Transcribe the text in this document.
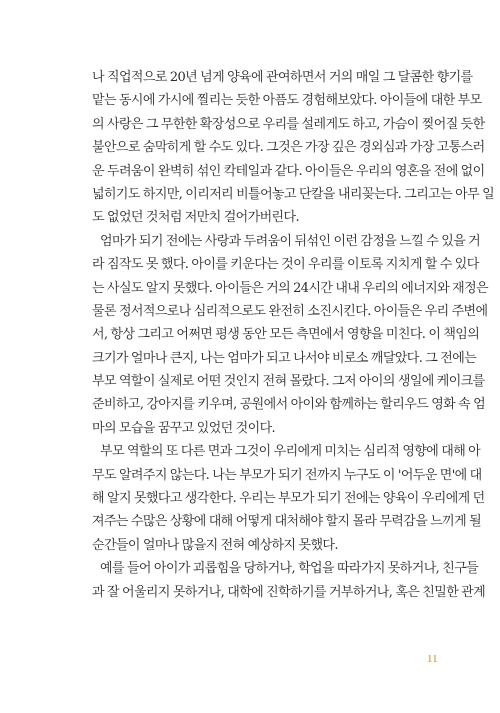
나 직업적으로 20년 넘게 양육에 관여하면서 거의 매일 그 달콤한 향기를
맡는 동시에 가시에 찔리는 듯한 아픔도 경험해보았다. 아이들에 대한 부모
의 사랑은 그 무한한 확장성으로 우리를 설레게도 하고, 가슴이 찢어질 듯한
불안으로 숨막히게 할 수도 있다. 그것은 가장 깊은 경외심과 가장 고통스러
운 두려움이 완벽히 섞인 칵테일과 같다. 아이들은 우리의 영혼을 전에 없이
넓히기도 하지만, 이리저리 비틀어놓고 단칼을 내리꽂는다. 그리고는 아무 일
도 없었던 것처럼 저만치 걸어가버린다.
엄마가 되기 전에는 사랑과 두려움이 뒤섞인 이런 감정을 느낄 수 있을 거
라 짐작도 못 했다. 아이를 키운다는 것이 우리를 이토록 지치게 할 수 있다
는 사실도 알지 못했다. 아이들은 거의 24시간 내내 우리의 에너지와 재정은
물론 정서적으로나 심리적으로도 완전히 소진시킨다. 아이들은 우리 주변에
서, 항상 그리고 어쩌면 평생 동안 모든 측면에서 영향을 미친다. 이 책임의
크기가 얼마나 큰지, 나는 엄마가 되고 나서야 비로소 깨달았다. 그 전에는
부모 역할이 실제로 어떤 것인지 전혀 몰랐다. 그저 아이의 생일에 케이크를
준비하고, 강아지를 키우며, 공원에서 아이와 함께하는 할리우드 영화 속 엄
마의 모습을 꿈꾸고 있었던 것이다.
부모 역할의 또 다른 면과 그것이 우리에게 미치는 심리적 영향에 대해 아
무도 알려주지 않는다. 나는 부모가 되기 전까지 누구도 이 '어두운 면'에 대
해 알지 못했다고 생각한다. 우리는 부모가 되기 전에는 양육이 우리에게 던
져주는 수많은 상황에 대해 어떻게 대처해야 할지 몰라 무력감을 느끼게 될
순간들이 얼마나 많을지 전혀 예상하지 못했다.
예를 들어 아이가 괴롭힘을 당하거나, 학업을 따라가지 못하거나, 친구들
과 잘 어울리지 못하거나, 대학에 진학하기를 거부하거나, 혹은 친밀한 관계
11
